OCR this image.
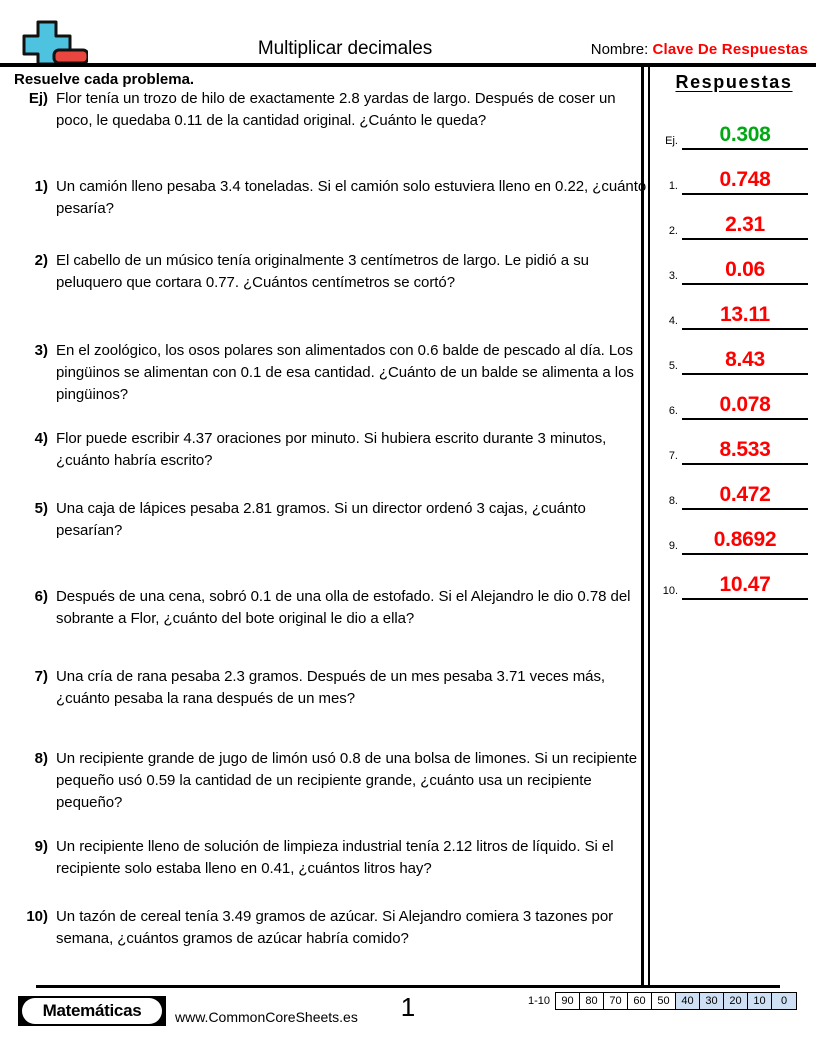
Multiplicar decimales	Nombre: Clave De Respuestas
Resuelve cada problema.
Ej) Flor tenía un trozo de hilo de exactamente 2.8 yardas de largo. Después de coser un poco, le quedaba 0.11 de la cantidad original. ¿Cuánto le queda?
1) Un camión lleno pesaba 3.4 toneladas. Si el camión solo estuviera lleno en 0.22, ¿cuánto pesaría?
2) El cabello de un músico tenía originalmente 3 centímetros de largo. Le pidió a su peluquero que cortara 0.77. ¿Cuántos centímetros se cortó?
3) En el zoológico, los osos polares son alimentados con 0.6 balde de pescado al día. Los pingüinos se alimentan con 0.1 de esa cantidad. ¿Cuánto de un balde se alimenta a los pingüinos?
4) Flor puede escribir 4.37 oraciones por minuto. Si hubiera escrito durante 3 minutos, ¿cuánto habría escrito?
5) Una caja de lápices pesaba 2.81 gramos. Si un director ordenó 3 cajas, ¿cuánto pesarían?
6) Después de una cena, sobró 0.1 de una olla de estofado. Si el Alejandro le dio 0.78 del sobrante a Flor, ¿cuánto del bote original le dio a ella?
7) Una cría de rana pesaba 2.3 gramos. Después de un mes pesaba 3.71 veces más, ¿cuánto pesaba la rana después de un mes?
8) Un recipiente grande de jugo de limón usó 0.8 de una bolsa de limones. Si un recipiente pequeño usó 0.59 la cantidad de un recipiente grande, ¿cuánto usa un recipiente pequeño?
9) Un recipiente lleno de solución de limpieza industrial tenía 2.12 litros de líquido. Si el recipiente solo estaba lleno en 0.41, ¿cuántos litros hay?
10) Un tazón de cereal tenía 3.49 gramos de azúcar. Si Alejandro comiera 3 tazones por semana, ¿cuántos gramos de azúcar habría comido?
Respuestas
Ej.	0.308
1.	0.748
2.	2.31
3.	0.06
4.	13.11
5.	8.43
6.	0.078
7.	8.533
8.	0.472
9.	0.8692
10.	10.47
Matemáticas www.CommonCoreSheets.es	1	1-10	90	80	70	60	50	40	30	20	10	0
